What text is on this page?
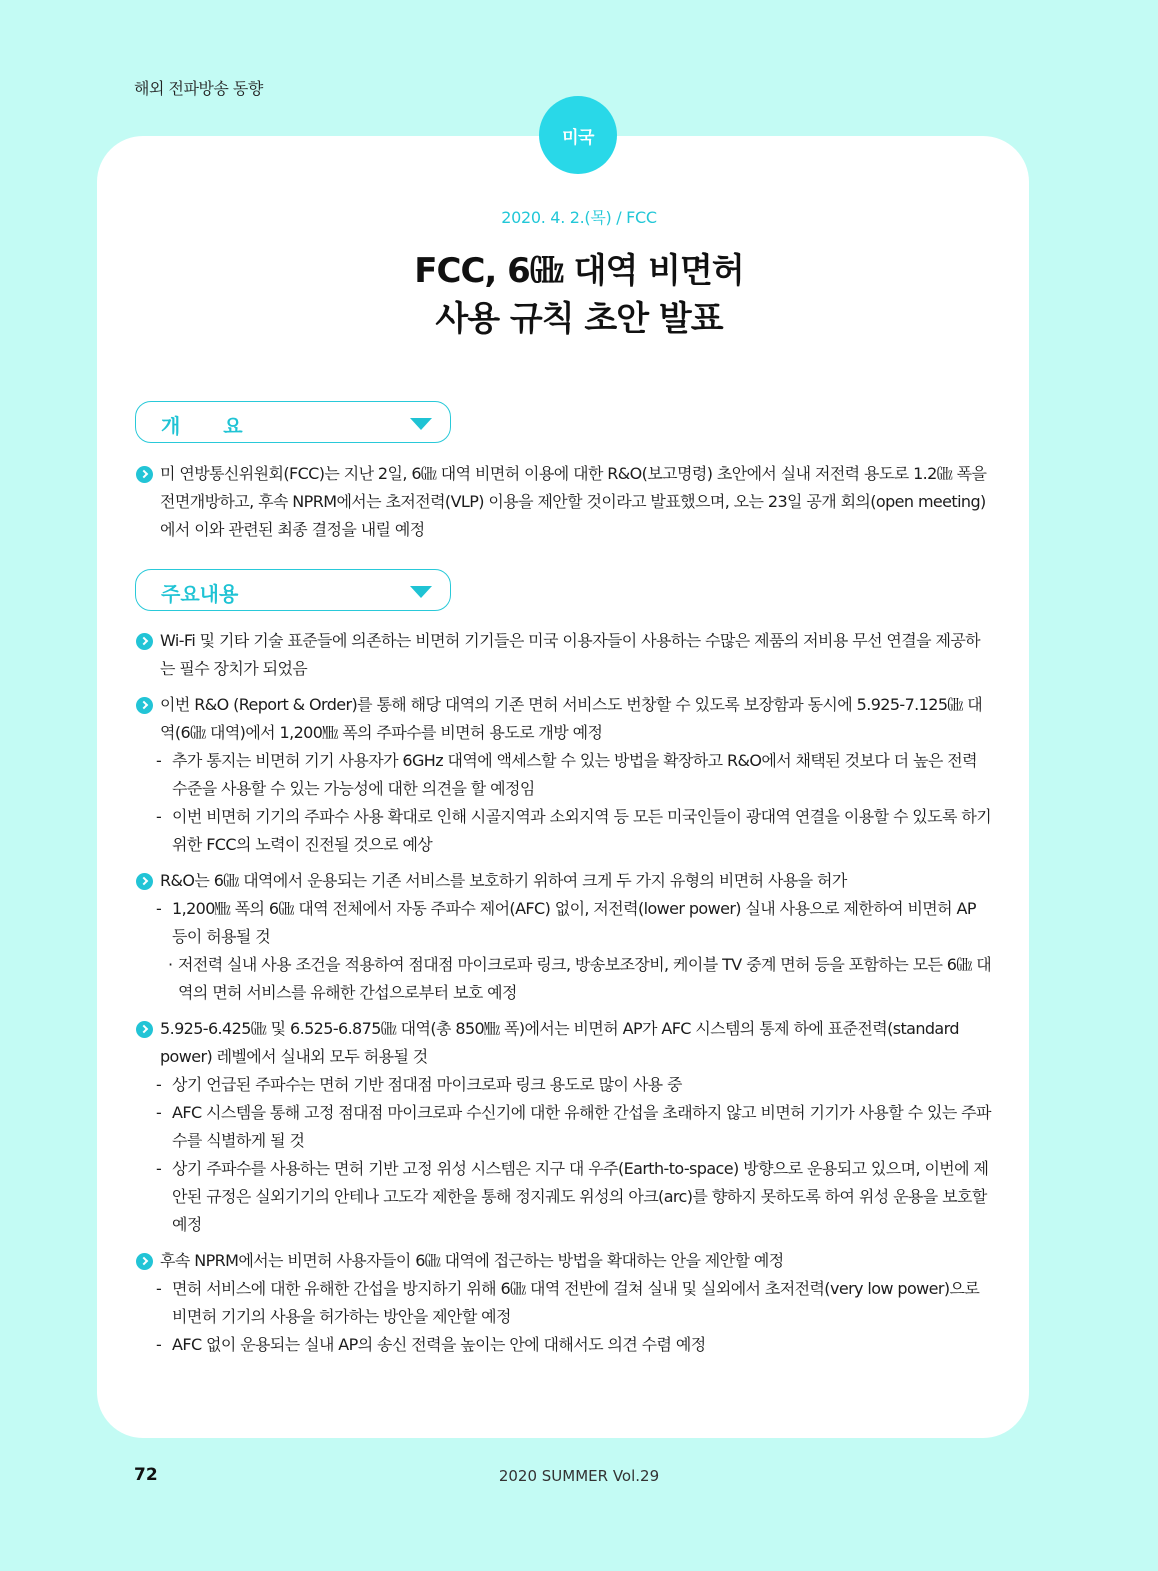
해외 전파방송 동향
미국
2020. 4. 2.(목) / FCC
FCC, 6㎓ 대역 비면허
사용 규칙 초안 발표
개 요
미 연방통신위원회(FCC)는 지난 2일, 6㎓ 대역 비면허 이용에 대한 R&O(보고명령) 초안에서 실내 저전력 용도로 1.2㎓ 폭을 전면개방하고, 후속 NPRM에서는 초저전력(VLP) 이용을 제안할 것이라고 발표했으며, 오는 23일 공개 회의(open meeting)에서 이와 관련된 최종 결정을 내릴 예정
주요내용
Wi-Fi 및 기타 기술 표준들에 의존하는 비면허 기기들은 미국 이용자들이 사용하는 수많은 제품의 저비용 무선 연결을 제공하는 필수 장치가 되었음
이번 R&O (Report & Order)를 통해 해당 대역의 기존 면허 서비스도 번창할 수 있도록 보장함과 동시에 5.925-7.125㎓ 대역(6㎓ 대역)에서 1,200㎒ 폭의 주파수를 비면허 용도로 개방 예정
- 추가 통지는 비면허 기기 사용자가 6GHz 대역에 액세스할 수 있는 방법을 확장하고 R&O에서 채택된 것보다 더 높은 전력 수준을 사용할 수 있는 가능성에 대한 의견을 할 예정임
- 이번 비면허 기기의 주파수 사용 확대로 인해 시골지역과 소외지역 등 모든 미국인들이 광대역 연결을 이용할 수 있도록 하기 위한 FCC의 노력이 진전될 것으로 예상
R&O는 6㎓ 대역에서 운용되는 기존 서비스를 보호하기 위하여 크게 두 가지 유형의 비면허 사용을 허가
- 1,200㎒ 폭의 6㎓ 대역 전체에서 자동 주파수 제어(AFC) 없이, 저전력(lower power) 실내 사용으로 제한하여 비면허 AP 등이 허용될 것
· 저전력 실내 사용 조건을 적용하여 점대점 마이크로파 링크, 방송보조장비, 케이블 TV 중계 면허 등을 포함하는 모든 6㎓ 대역의 면허 서비스를 유해한 간섭으로부터 보호 예정
5.925-6.425㎓ 및 6.525-6.875㎓ 대역(총 850㎒ 폭)에서는 비면허 AP가 AFC 시스템의 통제 하에 표준전력(standard power) 레벨에서 실내외 모두 허용될 것
- 상기 언급된 주파수는 면허 기반 점대점 마이크로파 링크 용도로 많이 사용 중
- AFC 시스템을 통해 고정 점대점 마이크로파 수신기에 대한 유해한 간섭을 초래하지 않고 비면허 기기가 사용할 수 있는 주파수를 식별하게 될 것
- 상기 주파수를 사용하는 면허 기반 고정 위성 시스템은 지구 대 우주(Earth-to-space) 방향으로 운용되고 있으며, 이번에 제안된 규정은 실외기기의 안테나 고도각 제한을 통해 정지궤도 위성의 아크(arc)를 향하지 못하도록 하여 위성 운용을 보호할 예정
후속 NPRM에서는 비면허 사용자들이 6㎓ 대역에 접근하는 방법을 확대하는 안을 제안할 예정
- 면허 서비스에 대한 유해한 간섭을 방지하기 위해 6㎓ 대역 전반에 걸쳐 실내 및 실외에서 초저전력(very low power)으로 비면허 기기의 사용을 허가하는 방안을 제안할 예정
- AFC 없이 운용되는 실내 AP의 송신 전력을 높이는 안에 대해서도 의견 수렴 예정
72	2020 SUMMER Vol.29
